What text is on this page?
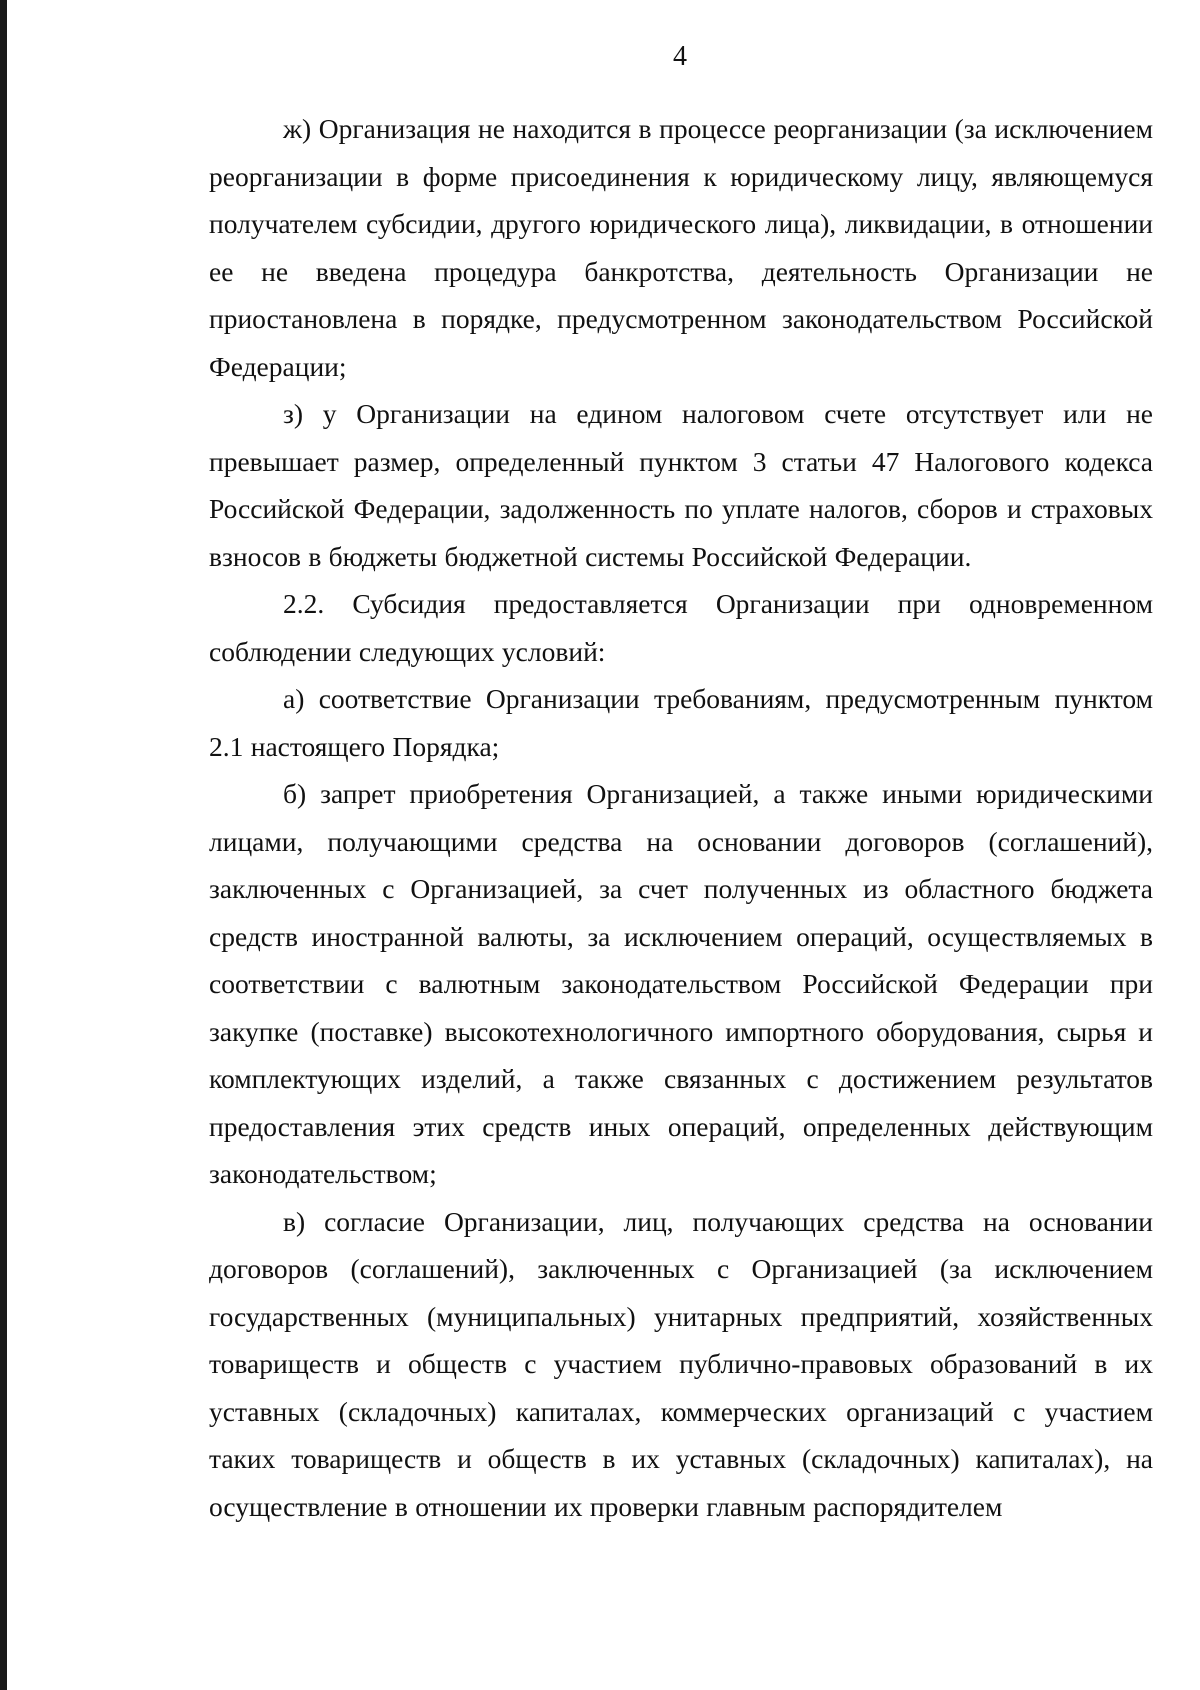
4

ж) Организация не находится в процессе реорганизации (за исключением реорганизации в форме присоединения к юридическому лицу, являющемуся получателем субсидии, другого юридического лица), ликвидации, в отношении ее не введена процедура банкротства, деятельность Организации не приостановлена в порядке, предусмотренном законодательством Российской Федерации;

з) у Организации на едином налоговом счете отсутствует или не превышает размер, определенный пунктом 3 статьи 47 Налогового кодекса Российской Федерации, задолженность по уплате налогов, сборов и страховых взносов в бюджеты бюджетной системы Российской Федерации.

2.2. Субсидия предоставляется Организации при одновременном соблюдении следующих условий:

а) соответствие Организации требованиям, предусмотренным пунктом 2.1 настоящего Порядка;

б) запрет приобретения Организацией, а также иными юридическими лицами, получающими средства на основании договоров (соглашений), заключенных с Организацией, за счет полученных из областного бюджета средств иностранной валюты, за исключением операций, осуществляемых в соответствии с валютным законодательством Российской Федерации при закупке (поставке) высокотехнологичного импортного оборудования, сырья и комплектующих изделий, а также связанных с достижением результатов предоставления этих средств иных операций, определенных действующим законодательством;

в) согласие Организации, лиц, получающих средства на основании договоров (соглашений), заключенных с Организацией (за исключением государственных (муниципальных) унитарных предприятий, хозяйственных товариществ и обществ с участием публично-правовых образований в их уставных (складочных) капиталах, коммерческих организаций с участием таких товариществ и обществ в их уставных (складочных) капиталах), на осуществление в отношении их проверки главным распорядителем
